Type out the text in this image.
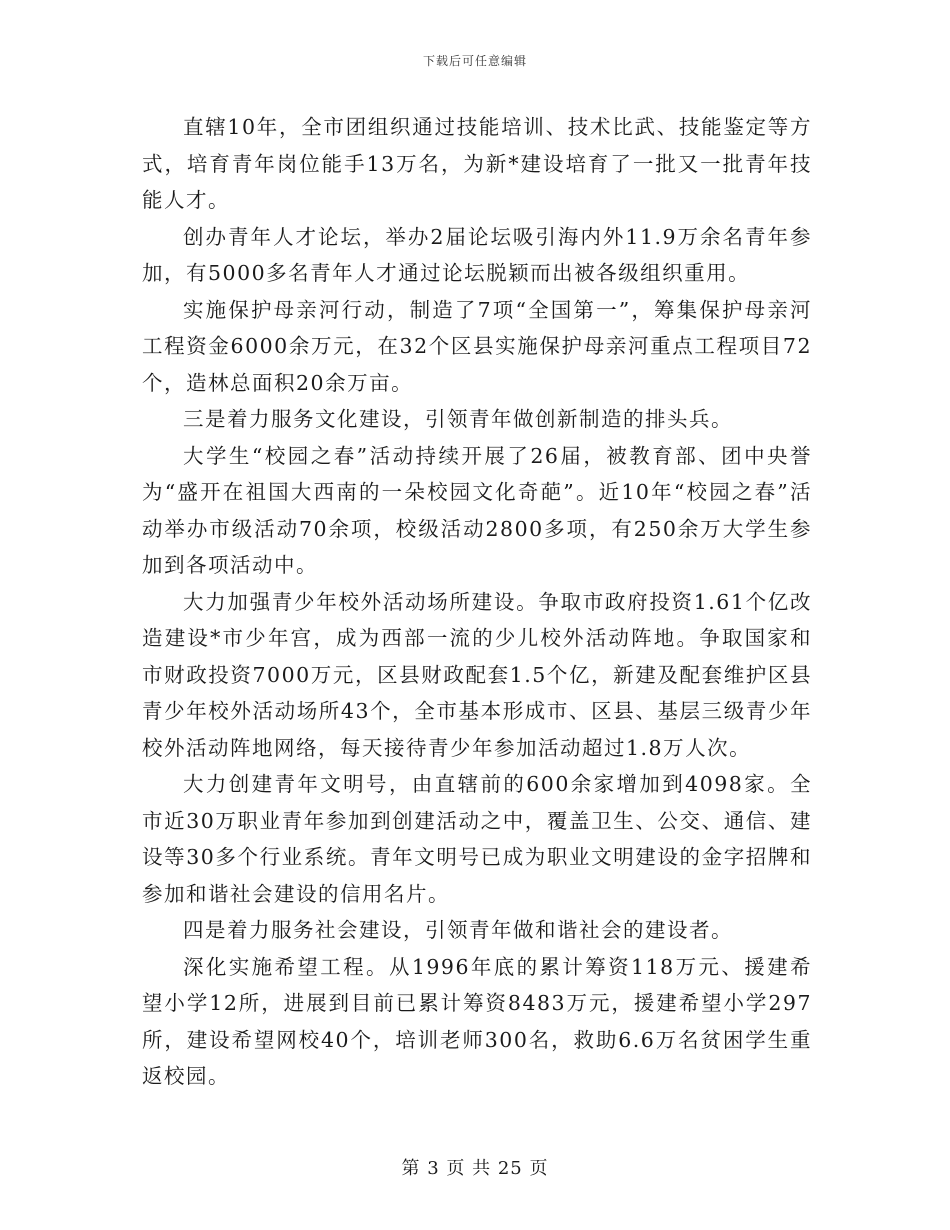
下载后可任意编辑

直辖10年，全市团组织通过技能培训、技术比武、技能鉴定等方式，培育青年岗位能手13万名，为新*建设培育了一批又一批青年技能人才。

创办青年人才论坛，举办2届论坛吸引海内外11.9万余名青年参加，有5000多名青年人才通过论坛脱颖而出被各级组织重用。

实施保护母亲河行动，制造了7项“全国第一”，筹集保护母亲河工程资金6000余万元，在32个区县实施保护母亲河重点工程项目72个，造林总面积20余万亩。

三是着力服务文化建设，引领青年做创新制造的排头兵。

大学生“校园之春”活动持续开展了26届，被教育部、团中央誉为“盛开在祖国大西南的一朵校园文化奇葩”。近10年“校园之春”活动举办市级活动70余项，校级活动2800多项，有250余万大学生参加到各项活动中。

大力加强青少年校外活动场所建设。争取市政府投资1.61个亿改造建设*市少年宫，成为西部一流的少儿校外活动阵地。争取国家和市财政投资7000万元，区县财政配套1.5个亿，新建及配套维护区县青少年校外活动场所43个，全市基本形成市、区县、基层三级青少年校外活动阵地网络，每天接待青少年参加活动超过1.8万人次。

大力创建青年文明号，由直辖前的600余家增加到4098家。全市近30万职业青年参加到创建活动之中，覆盖卫生、公交、通信、建设等30多个行业系统。青年文明号已成为职业文明建设的金字招牌和参加和谐社会建设的信用名片。

四是着力服务社会建设，引领青年做和谐社会的建设者。

深化实施希望工程。从1996年底的累计筹资118万元、援建希望小学12所，进展到目前已累计筹资8483万元，援建希望小学297所，建设希望网校40个，培训老师300名，救助6.6万名贫困学生重返校园。

第 3 页 共 25 页
